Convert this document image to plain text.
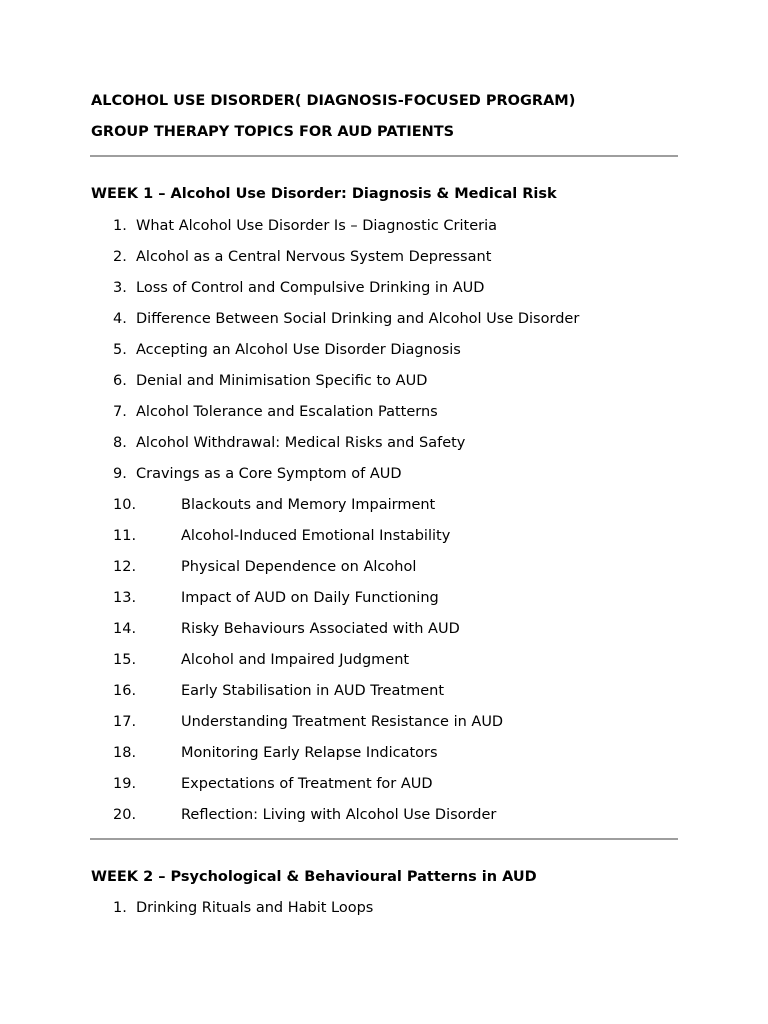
ALCOHOL USE DISORDER( DIAGNOSIS-FOCUSED PROGRAM)
GROUP THERAPY TOPICS FOR AUD PATIENTS
WEEK 1 – Alcohol Use Disorder: Diagnosis & Medical Risk
1. What Alcohol Use Disorder Is – Diagnostic Criteria
2. Alcohol as a Central Nervous System Depressant
3. Loss of Control and Compulsive Drinking in AUD
4. Difference Between Social Drinking and Alcohol Use Disorder
5. Accepting an Alcohol Use Disorder Diagnosis
6. Denial and Minimisation Specific to AUD
7. Alcohol Tolerance and Escalation Patterns
8. Alcohol Withdrawal: Medical Risks and Safety
9. Cravings as a Core Symptom of AUD
10.	Blackouts and Memory Impairment
11.	Alcohol-Induced Emotional Instability
12.	Physical Dependence on Alcohol
13.	Impact of AUD on Daily Functioning
14.	Risky Behaviours Associated with AUD
15.	Alcohol and Impaired Judgment
16.	Early Stabilisation in AUD Treatment
17.	Understanding Treatment Resistance in AUD
18.	Monitoring Early Relapse Indicators
19.	Expectations of Treatment for AUD
20.	Reflection: Living with Alcohol Use Disorder
WEEK 2 – Psychological & Behavioural Patterns in AUD
1. Drinking Rituals and Habit Loops
